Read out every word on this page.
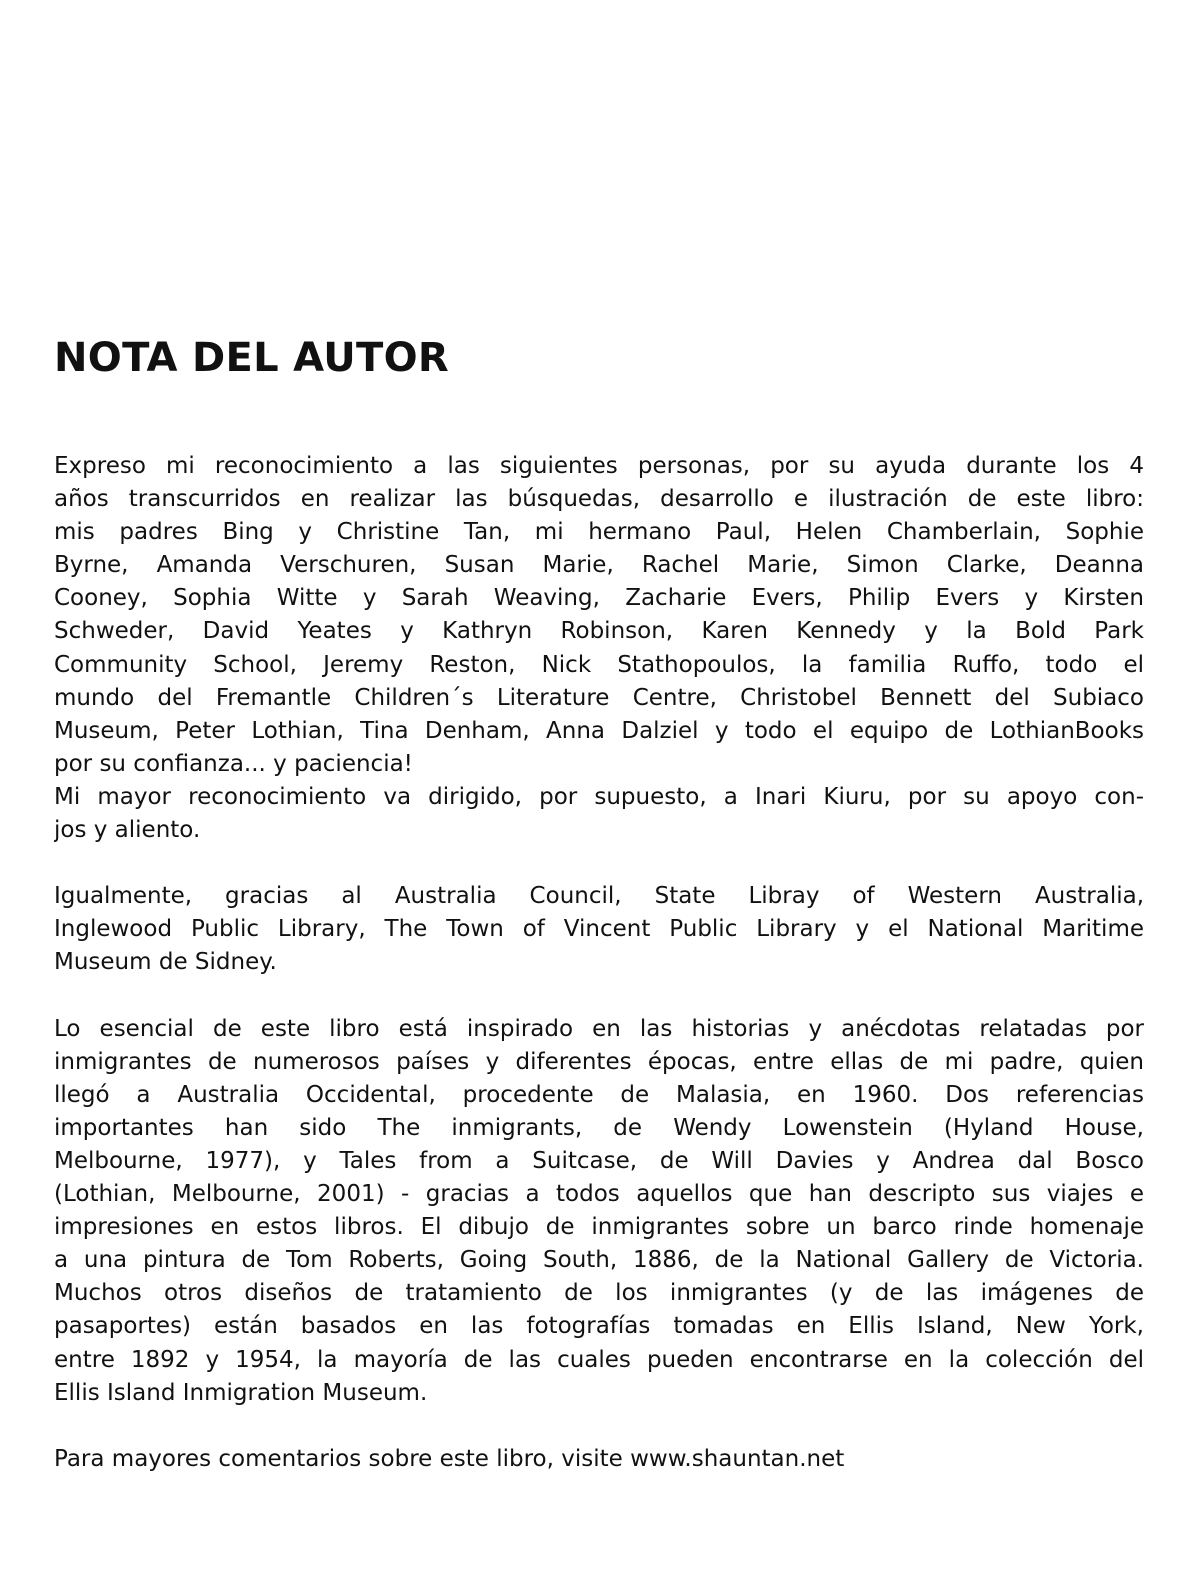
NOTA DEL AUTOR

Expreso mi reconocimiento a las siguientes personas, por su ayuda durante los 4
años transcurridos en realizar las búsquedas, desarrollo e ilustración de este libro:
mis padres Bing y Christine Tan, mi hermano Paul, Helen Chamberlain, Sophie
Byrne, Amanda Verschuren, Susan Marie, Rachel Marie, Simon Clarke, Deanna
Cooney, Sophia Witte y Sarah Weaving, Zacharie Evers, Philip Evers y Kirsten
Schweder, David Yeates y Kathryn Robinson, Karen Kennedy y la Bold Park
Community School, Jeremy Reston, Nick Stathopoulos, la familia Ruffo, todo el
mundo del Fremantle Children´s Literature Centre, Christobel Bennett del Subiaco
Museum, Peter Lothian, Tina Denham, Anna Dalziel y todo el equipo de LothianBooks
por su confianza... y paciencia!

Mi mayor reconocimiento va dirigido, por supuesto, a Inari Kiuru, por su apoyo con-
jos y aliento.

Igualmente, gracias al Australia Council, State Libray of Western Australia,
Inglewood Public Library, The Town of Vincent Public Library y el National Maritime
Museum de Sidney.

Lo esencial de este libro está inspirado en las historias y anécdotas relatadas por
inmigrantes de numerosos países y diferentes épocas, entre ellas de mi padre, quien
llegó a Australia Occidental, procedente de Malasia, en 1960. Dos referencias
importantes han sido The inmigrants, de Wendy Lowenstein (Hyland House,
Melbourne, 1977), y Tales from a Suitcase, de Will Davies y Andrea dal Bosco
(Lothian, Melbourne, 2001) - gracias a todos aquellos que han descripto sus viajes e
impresiones en estos libros. El dibujo de inmigrantes sobre un barco rinde homenaje
a una pintura de Tom Roberts, Going South, 1886, de la National Gallery de Victoria.
Muchos otros diseños de tratamiento de los inmigrantes (y de las imágenes de
pasaportes) están basados en las fotografías tomadas en Ellis Island, New York,
entre 1892 y 1954, la mayoría de las cuales pueden encontrarse en la colección del
Ellis Island Inmigration Museum.

Para mayores comentarios sobre este libro, visite www.shauntan.net
